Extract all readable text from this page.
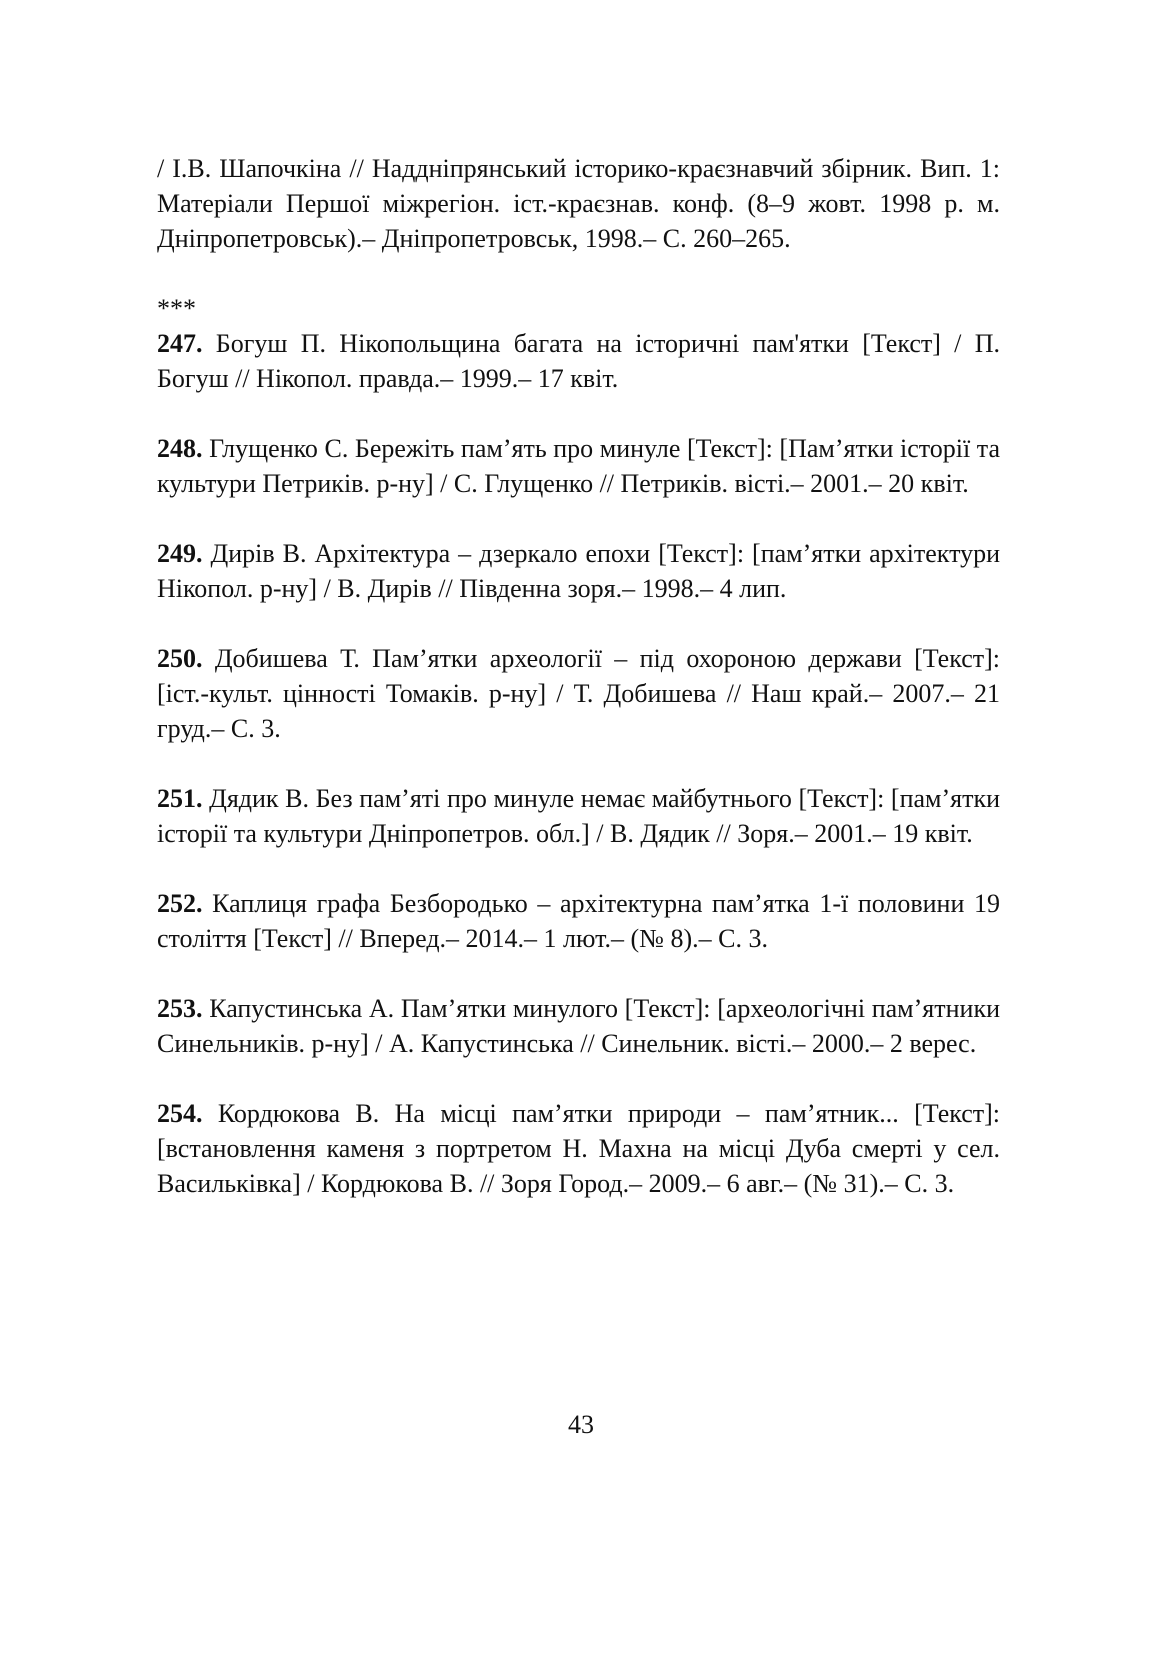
/ І.В. Шапочкіна // Наддніпрянський історико-краєзнавчий збірник. Вип. 1: Матеріали Першої міжрегіон. іст.-краєзнав. конф. (8–9 жовт. 1998 р. м. Дніпропетровськ).– Дніпропетровськ, 1998.– С. 260–265.

***

247. Богуш П. Нікопольщина багата на історичні пам'ятки [Текст] / П. Богуш // Нікопол. правда.– 1999.– 17 квіт.

248. Глущенко С. Бережіть пам’ять про минуле [Текст]: [Пам’ятки історії та культури Петриків. р-ну] / С. Глущенко // Петриків. вісті.– 2001.– 20 квіт.

249. Дирів В. Архітектура – дзеркало епохи [Текст]: [пам’ятки архітектури Нікопол. р-ну] / В. Дирів // Південна зоря.– 1998.– 4 лип.

250. Добишева Т. Пам’ятки археології – під охороною держави [Текст]: [іст.-культ. цінності Томаків. р-ну] / Т. Добишева // Наш край.– 2007.– 21 груд.– С. 3.

251. Дядик В. Без пам’яті про минуле немає майбутнього [Текст]: [пам’ятки історії та культури Дніпропетров. обл.] / В. Дядик // Зоря.– 2001.– 19 квіт.

252. Каплиця графа Безбородько – архітектурна пам’ятка 1-ї половини 19 століття [Текст] // Вперед.– 2014.– 1 лют.– (№ 8).– С. 3.

253. Капустинська А. Пам’ятки минулого [Текст]: [археологічні пам’ятники Синельників. р-ну] / А. Капустинська // Синельник. вісті.– 2000.– 2 верес.

254. Кордюкова В. На місці пам’ятки природи – пам’ятник... [Текст]: [встановлення каменя з портретом Н. Махна на місці Дуба смерті у сел. Васильківка] / Кордюкова В. // Зоря Город.– 2009.– 6 авг.– (№ 31).– С. 3.

43
